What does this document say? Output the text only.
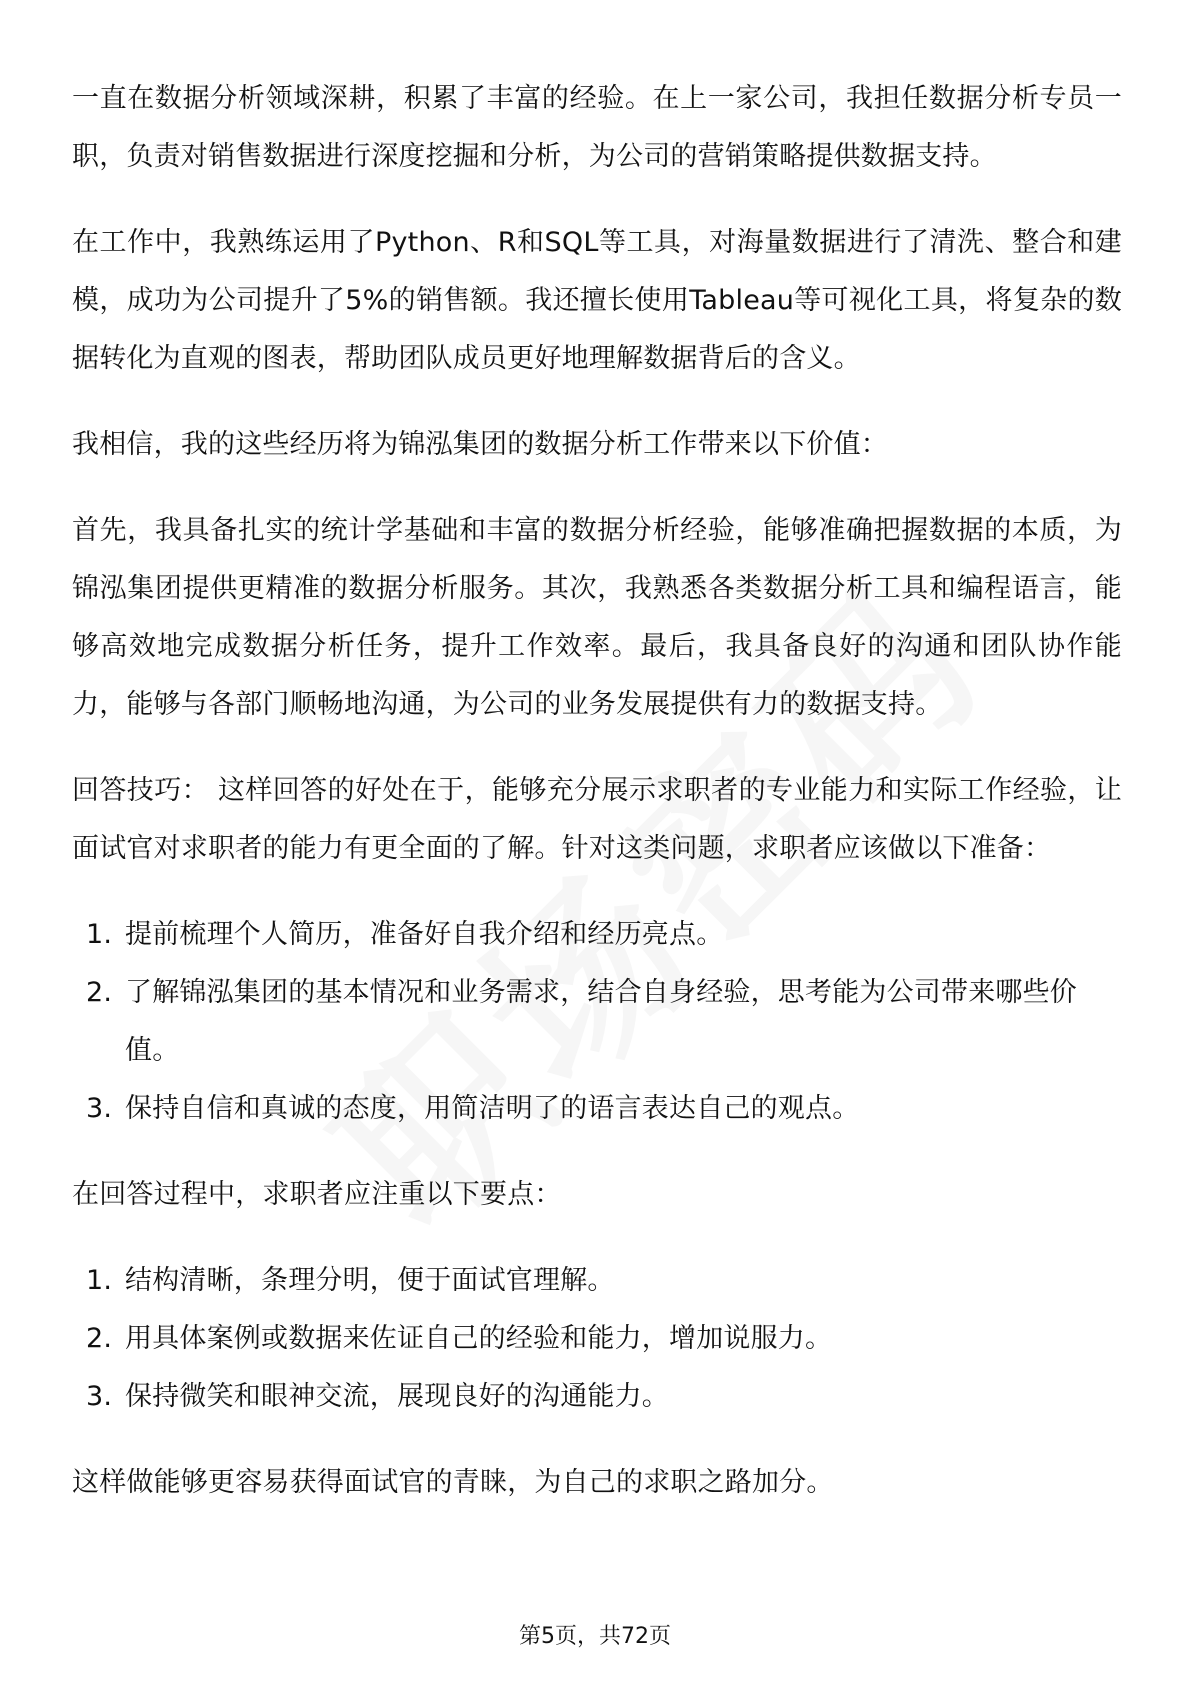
一直在数据分析领域深耕，积累了丰富的经验。在上一家公司，我担任数据分析专员一职，负责对销售数据进行深度挖掘和分析，为公司的营销策略提供数据支持。

在工作中，我熟练运用了Python、R和SQL等工具，对海量数据进行了清洗、整合和建模，成功为公司提升了5%的销售额。我还擅长使用Tableau等可视化工具，将复杂的数据转化为直观的图表，帮助团队成员更好地理解数据背后的含义。

我相信，我的这些经历将为锦泓集团的数据分析工作带来以下价值：

首先，我具备扎实的统计学基础和丰富的数据分析经验，能够准确把握数据的本质，为锦泓集团提供更精准的数据分析服务。其次，我熟悉各类数据分析工具和编程语言，能够高效地完成数据分析任务，提升工作效率。最后，我具备良好的沟通和团队协作能力，能够与各部门顺畅地沟通，为公司的业务发展提供有力的数据支持。

回答技巧： 这样回答的好处在于，能够充分展示求职者的专业能力和实际工作经验，让面试官对求职者的能力有更全面的了解。针对这类问题，求职者应该做以下准备：

1. 提前梳理个人简历，准备好自我介绍和经历亮点。
2. 了解锦泓集团的基本情况和业务需求，结合自身经验，思考能为公司带来哪些价值。
3. 保持自信和真诚的态度，用简洁明了的语言表达自己的观点。

在回答过程中，求职者应注重以下要点：

1. 结构清晰，条理分明，便于面试官理解。
2. 用具体案例或数据来佐证自己的经验和能力，增加说服力。
3. 保持微笑和眼神交流，展现良好的沟通能力。

这样做能够更容易获得面试官的青睐，为自己的求职之路加分。

第5页，共72页
